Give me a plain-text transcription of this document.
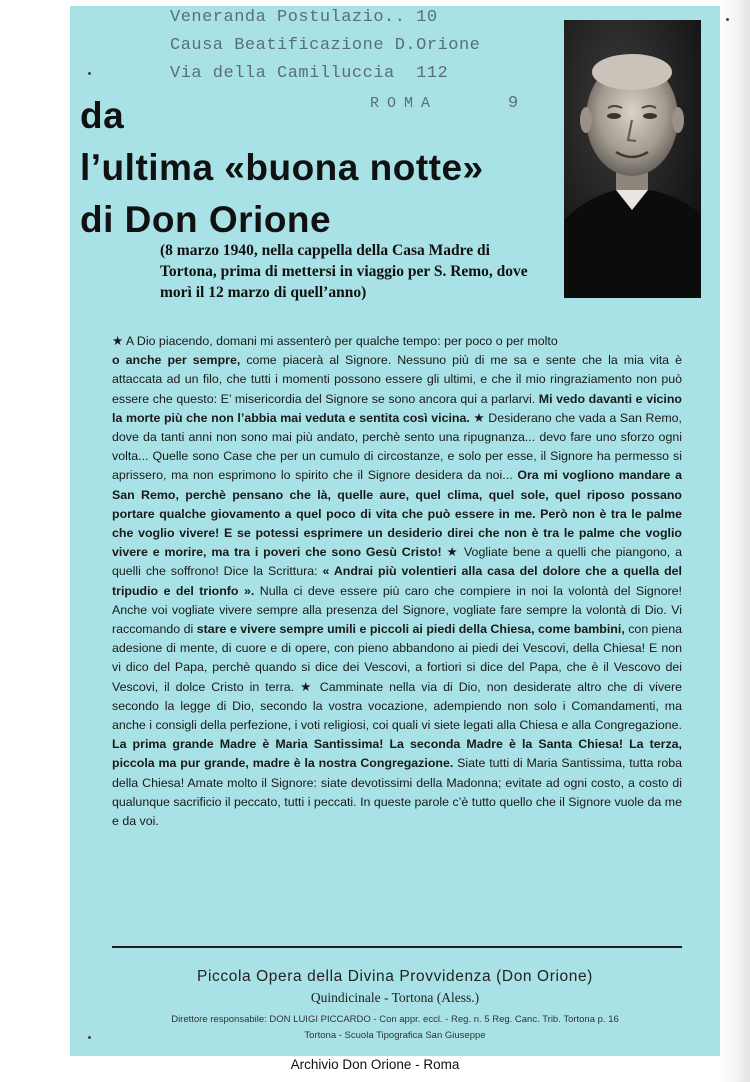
Veneranda Postulazio.. 10
Causa Beatificazione D.Orione
Via della Camilluccia  112
ROMA	9
da
l’ultima «buona notte»
di Don Orione
(8 marzo 1940, nella cappella della Casa Madre di Tortona, prima di mettersi in viaggio per S. Remo, dove morì il 12 marzo di quell’anno)
★ A Dio piacendo, domani mi assenterò per qualche tempo: per poco o per molto
o anche per sempre, come piacerà al Signore. Nessuno più di me sa e sente che la mia vita è attaccata ad un filo, che tutti i momenti possono essere gli ultimi, e che il mio ringraziamento non può essere che questo: E’ misericordia del Signore se sono ancora qui a parlarvi. Mi vedo davanti e vicino la morte più che non l’abbia mai veduta e sentita così vicina. ★ Desiderano che vada a San Remo, dove da tanti anni non sono mai più andato, perchè sento una ripugnanza... devo fare uno sforzo ogni volta... Quelle sono Case che per un cumulo di circostanze, e solo per esse, il Signore ha permesso si aprissero, ma non esprimono lo spirito che il Signore desidera da noi... Ora mi vogliono mandare a San Remo, perchè pensano che là, quelle aure, quel clima, quel sole, quel riposo possano portare qualche giovamento a quel poco di vita che può essere in me. Però non è tra le palme che voglio vivere! E se potessi esprimere un desiderio direi che non è tra le palme che voglio vivere e morire, ma tra i poveri che sono Gesù Cristo! ★ Vogliate bene a quelli che piangono, a quelli che soffrono! Dice la Scrittura: « Andrai più volentieri alla casa del dolore che a quella del tripudio e del trionfo ». Nulla ci deve essere più caro che compiere in noi la volontà del Signore! Anche voi vogliate vivere sempre alla presenza del Signore, vogliate fare sempre la volontà di Dio. Vi raccomando di stare e vivere sempre umili e piccoli ai piedi della Chiesa, come bambini, con piena adesione di mente, di cuore e di opere, con pieno abbandono ai piedi dei Vescovi, della Chiesa! E non vi dico del Papa, perchè quando si dice dei Vescovi, a fortiori si dice del Papa, che è il Vescovo dei Vescovi, il dolce Cristo in terra. ★ Camminate nella via di Dio, non desiderate altro che di vivere secondo la legge di Dio, secondo la vostra vocazione, adempiendo non solo i Comandamenti, ma anche i consigli della perfezione, i voti religiosi, coi quali vi siete legati alla Chiesa e alla Congregazione. La prima grande Madre è Maria Santissima! La seconda Madre è la Santa Chiesa! La terza, piccola ma pur grande, madre è la nostra Congregazione. Siate tutti di Maria Santissima, tutta roba della Chiesa! Amate molto il Signore: siate devotissimi della Madonna; evitate ad ogni costo, a costo di qualunque sacrificio il peccato, tutti i peccati. In queste parole c’è tutto quello che il Signore vuole da me e da voi.
Piccola Opera della Divina Provvidenza (Don Orione)
Quindicinale - Tortona (Aless.)
Direttore responsabile: DON LUIGI PICCARDO - Con appr. eccl. - Reg. n. 5 Reg. Canc. Trib. Tortona p. 16
Tortona - Scuola Tipografica San Giuseppe
Archivio Don Orione - Roma
